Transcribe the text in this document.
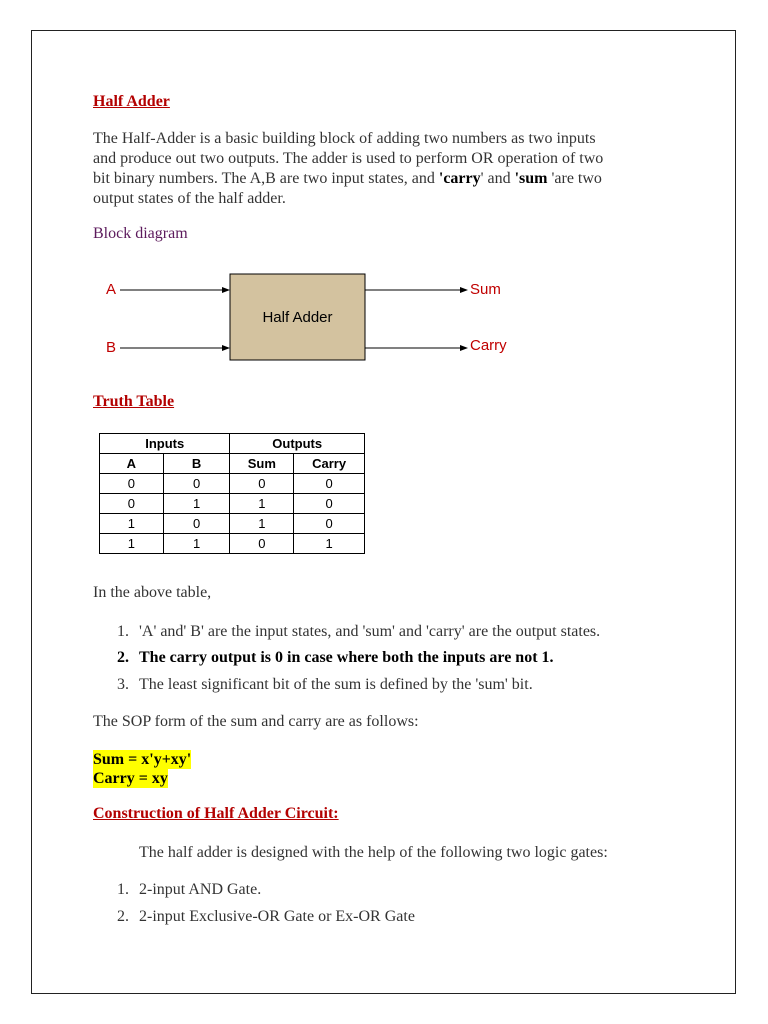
Half Adder
The Half-Adder is a basic building block of adding two numbers as two inputs
and produce out two outputs. The adder is used to perform OR operation of two
bit binary numbers. The A,B are two input states, and 'carry' and 'sum 'are two
output states of the half adder.
Block diagram
A
B
Sum
Carry
Half Adder
Truth Table
Inputs		Outputs	
A	B	Sum	Carry
0	0	0	0
0	1	1	0
1	0	1	0
1	1	0	1
In the above table,
1. 'A' and' B' are the input states, and 'sum' and 'carry' are the output states.
2. The carry output is 0 in case where both the inputs are not 1.
3. The least significant bit of the sum is defined by the 'sum' bit.
The SOP form of the sum and carry are as follows:
Sum = x'y+xy'
Carry = xy
Construction of Half Adder Circuit:
The half adder is designed with the help of the following two logic gates:
1. 2-input AND Gate.
2. 2-input Exclusive-OR Gate or Ex-OR Gate
